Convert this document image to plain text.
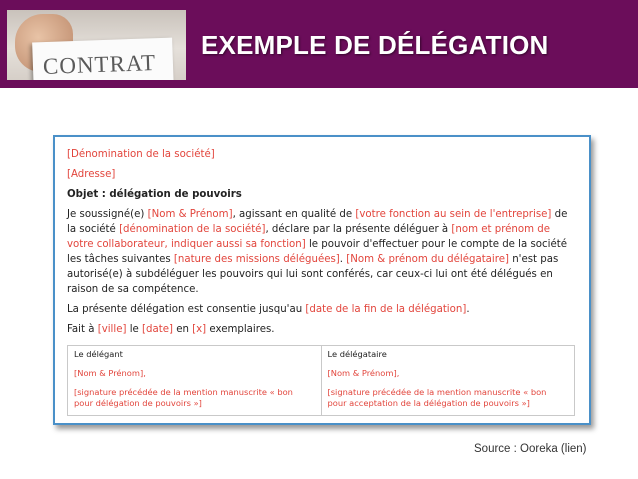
CONTRAT
EXEMPLE DE DÉLÉGATION
[Dénomination de la société]
[Adresse]
Objet : délégation de pouvoirs
Je soussigné(e) [Nom & Prénom], agissant en qualité de [votre fonction au sein de l'entreprise] de la société [dénomination de la société], déclare par la présente déléguer à [nom et prénom de votre collaborateur, indiquer aussi sa fonction] le pouvoir d'effectuer pour le compte de la société les tâches suivantes [nature des missions déléguées]. [Nom & prénom du délégataire] n'est pas autorisé(e) à subdéléguer les pouvoirs qui lui sont conférés, car ceux-ci lui ont été délégués en raison de sa compétence.
La présente délégation est consentie jusqu'au [date de la fin de la délégation].
Fait à [ville] le [date] en [x] exemplaires.
Le délégant
[Nom & Prénom],
[signature précédée de la mention manuscrite « bon pour délégation de pouvoirs »]	
Le délégataire
[Nom & Prénom],
[signature précédée de la mention manuscrite « bon pour acceptation de la délégation de pouvoirs »]
Source : Ooreka (lien)
